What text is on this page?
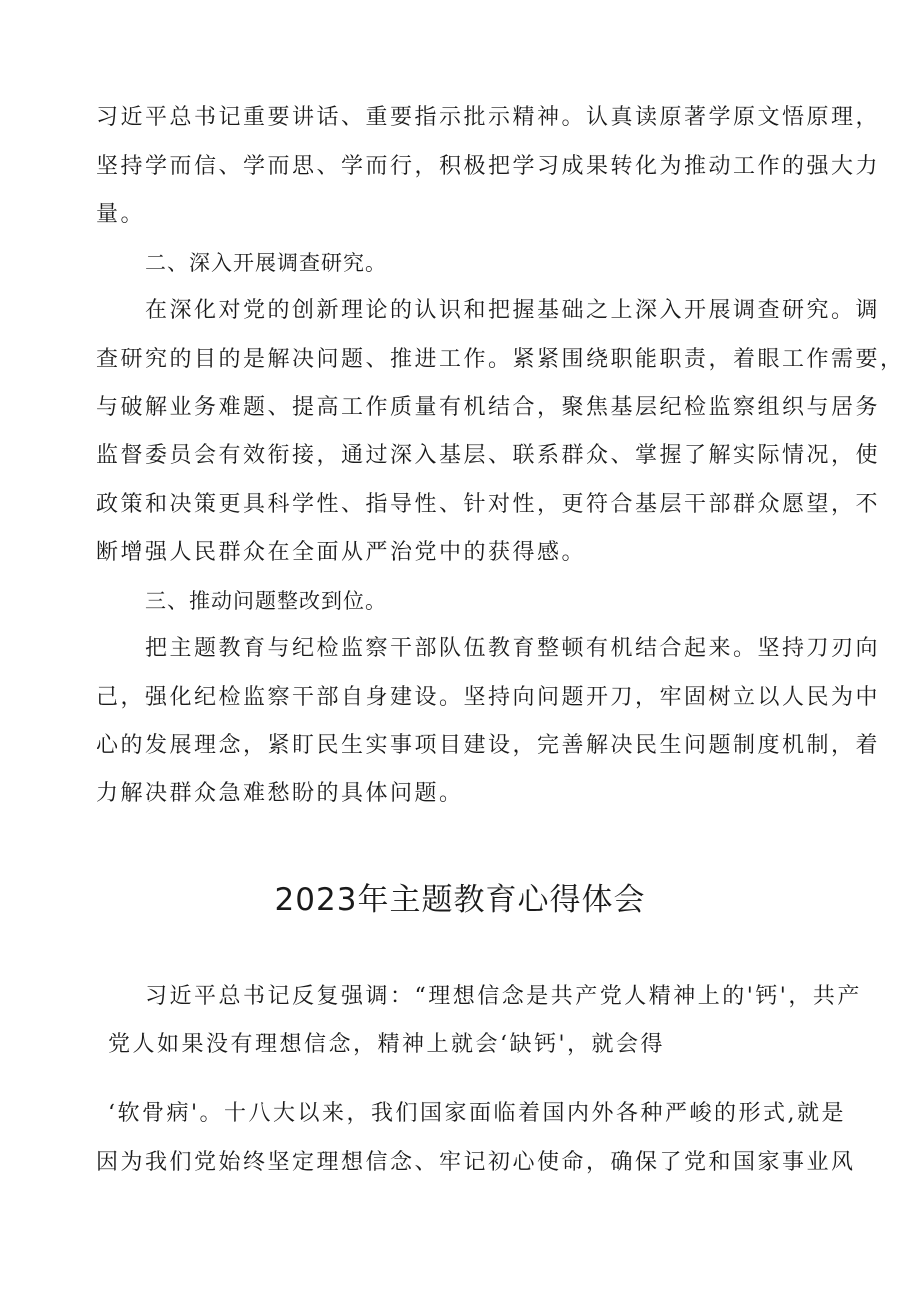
习近平总书记重要讲话、重要指示批示精神。认真读原著学原文悟原理，
坚持学而信、学而思、学而行，积极把学习成果转化为推动工作的强大力
量。
二、深入开展调查研究。
在深化对党的创新理论的认识和把握基础之上深入开展调查研究。调
查研究的目的是解决问题、推进工作。紧紧围绕职能职责，着眼工作需要，
与破解业务难题、提高工作质量有机结合，聚焦基层纪检监察组织与居务
监督委员会有效衔接，通过深入基层、联系群众、掌握了解实际情况，使
政策和决策更具科学性、指导性、针对性，更符合基层干部群众愿望，不
断增强人民群众在全面从严治党中的获得感。
三、推动问题整改到位。
把主题教育与纪检监察干部队伍教育整顿有机结合起来。坚持刀刃向
己，强化纪检监察干部自身建设。坚持向问题开刀，牢固树立以人民为中
心的发展理念，紧盯民生实事项目建设，完善解决民生问题制度机制，着
力解决群众急难愁盼的具体问题。
2023年主题教育心得体会
习近平总书记反复强调：“理想信念是共产党人精神上的'钙'，共产
党人如果没有理想信念，精神上就会‘缺钙'，就会得
‘软骨病'。十八大以来，我们国家面临着国内外各种严峻的形式,就是
因为我们党始终坚定理想信念、牢记初心使命，确保了党和国家事业风
